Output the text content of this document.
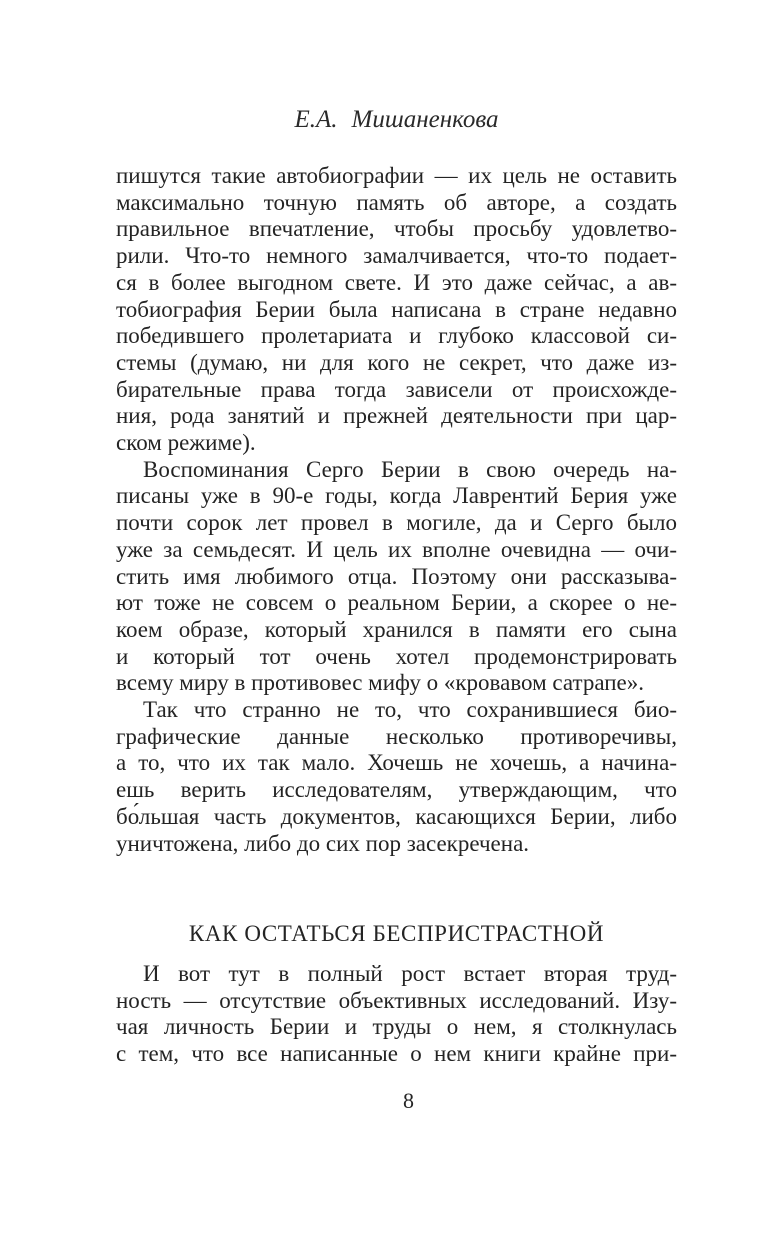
Е.А. Мишаненкова
пишутся такие автобиографии — их цель не оставить
максимально точную память об авторе, а создать
правильное впечатление, чтобы просьбу удовлетво-
рили. Что-то немного замалчивается, что-то подает-
ся в более выгодном свете. И это даже сейчас, а ав-
тобиография Берии была написана в стране недавно
победившего пролетариата и глубоко классовой си-
стемы (думаю, ни для кого не секрет, что даже из-
бирательные права тогда зависели от происхожде-
ния, рода занятий и прежней деятельности при цар-
ском режиме).
Воспоминания Серго Берии в свою очередь на-
писаны уже в 90-е годы, когда Лаврентий Берия уже
почти сорок лет провел в могиле, да и Серго было
уже за семьдесят. И цель их вполне очевидна — очи-
стить имя любимого отца. Поэтому они рассказыва-
ют тоже не совсем о реальном Берии, а скорее о не-
коем образе, который хранился в памяти его сына
и который тот очень хотел продемонстрировать
всему миру в противовес мифу о «кровавом сатрапе».
Так что странно не то, что сохранившиеся био-
графические данные несколько противоречивы,
а то, что их так мало. Хочешь не хочешь, а начина-
ешь верить исследователям, утверждающим, что
бо́льшая часть документов, касающихся Берии, либо
уничтожена, либо до сих пор засекречена.
КАК ОСТАТЬСЯ БЕСПРИСТРАСТНОЙ
И вот тут в полный рост встает вторая труд-
ность — отсутствие объективных исследований. Изу-
чая личность Берии и труды о нем, я столкнулась
с тем, что все написанные о нем книги крайне при-
8
